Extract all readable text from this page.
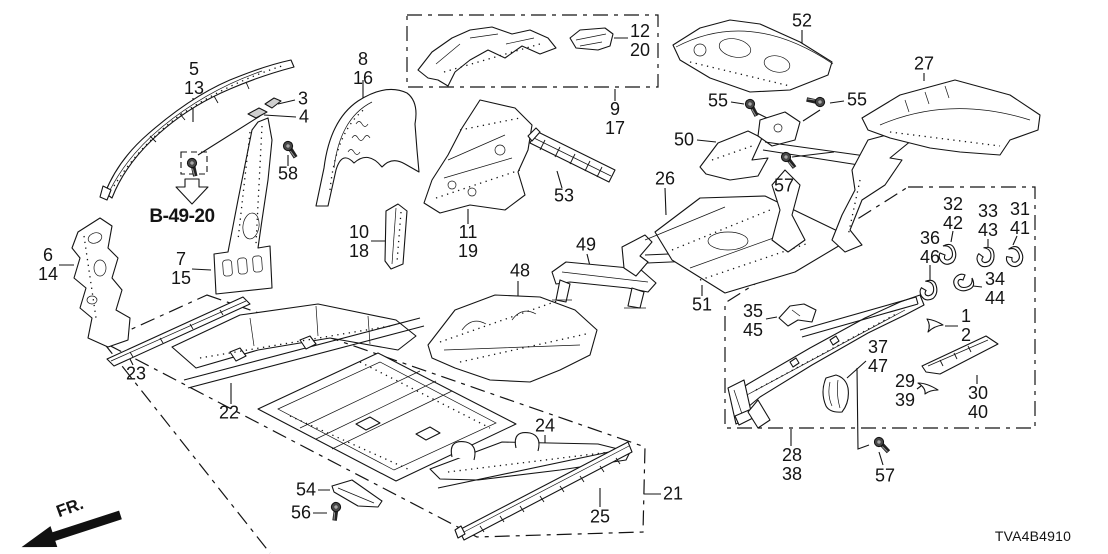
5
13
3
4
58
6
14
7
15
8
16
10
18
11
19
12
20
9
17
53
48
49
51
26
52
55	55
50
57
27
32
42
33
43
31
41
36
46
34
44
1
2
35
45
37
47
29
39	30
40
28
38	57
23
22
54
56
24
25
21
B-49-20
FR.
TVA4B4910
